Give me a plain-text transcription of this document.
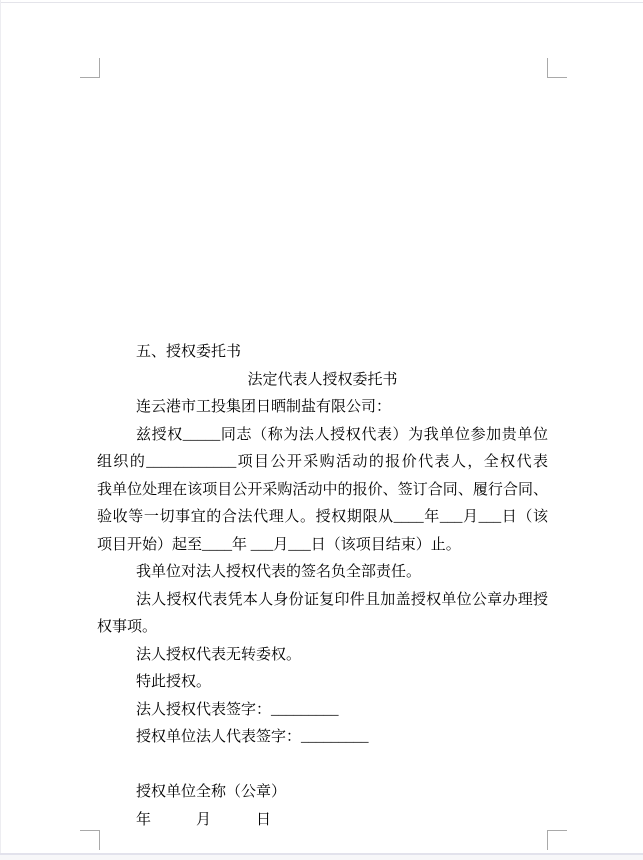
五、授权委托书
法定代表人授权委托书
连云港市工投集团日晒制盐有限公司：
兹授权_____同志（称为法人授权代表）为我单位参加贵单位
组织的____________项目公开采购活动的报价代表人，全权代表
我单位处理在该项目公开采购活动中的报价、签订合同、履行合同、
验收等一切事宜的合法代理人。授权期限从____年___月___日（该
项目开始）起至____年 ___月___日（该项目结束）止。
我单位对法人授权代表的签名负全部责任。
法人授权代表凭本人身份证复印件且加盖授权单位公章办理授
权事项。
法人授权代表无转委权。
特此授权。
法人授权代表签字：_________
授权单位法人代表签字：_________
授权单位全称（公章）
年　　　月　　　日
